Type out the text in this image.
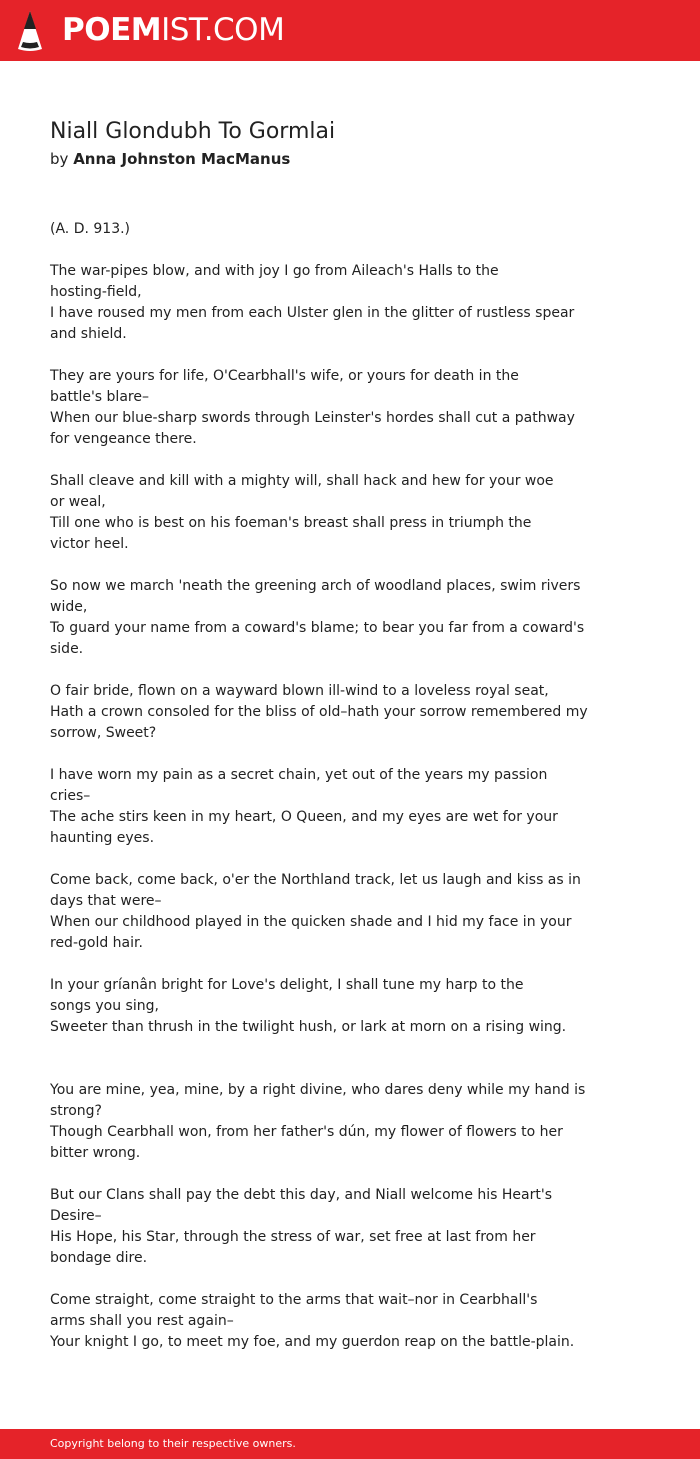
POEMIST.COM
Niall Glondubh To Gormlai
by Anna Johnston MacManus
(A. D. 913.)
The war-pipes blow, and with joy I go from Aileach's Halls to the
hosting-field,
I have roused my men from each Ulster glen in the glitter of rustless spear
and shield.
They are yours for life, O'Cearbhall's wife, or yours for death in the
battle's blare–
When our blue-sharp swords through Leinster's hordes shall cut a pathway
for vengeance there.
Shall cleave and kill with a mighty will, shall hack and hew for your woe
or weal,
Till one who is best on his foeman's breast shall press in triumph the
victor heel.
So now we march 'neath the greening arch of woodland places, swim rivers
wide,
To guard your name from a coward's blame; to bear you far from a coward's
side.
O fair bride, flown on a wayward blown ill-wind to a loveless royal seat,
Hath a crown consoled for the bliss of old–hath your sorrow remembered my
sorrow, Sweet?
I have worn my pain as a secret chain, yet out of the years my passion
cries–
The ache stirs keen in my heart, O Queen, and my eyes are wet for your
haunting eyes.
Come back, come back, o'er the Northland track, let us laugh and kiss as in
days that were–
When our childhood played in the quicken shade and I hid my face in your
red-gold hair.
In your gríanân bright for Love's delight, I shall tune my harp to the
songs you sing,
Sweeter than thrush in the twilight hush, or lark at morn on a rising wing.
You are mine, yea, mine, by a right divine, who dares deny while my hand is
strong?
Though Cearbhall won, from her father's dún, my flower of flowers to her
bitter wrong.
But our Clans shall pay the debt this day, and Niall welcome his Heart's
Desire–
His Hope, his Star, through the stress of war, set free at last from her
bondage dire.
Come straight, come straight to the arms that wait–nor in Cearbhall's
arms shall you rest again–
Your knight I go, to meet my foe, and my guerdon reap on the battle-plain.
Copyright belong to their respective owners.
